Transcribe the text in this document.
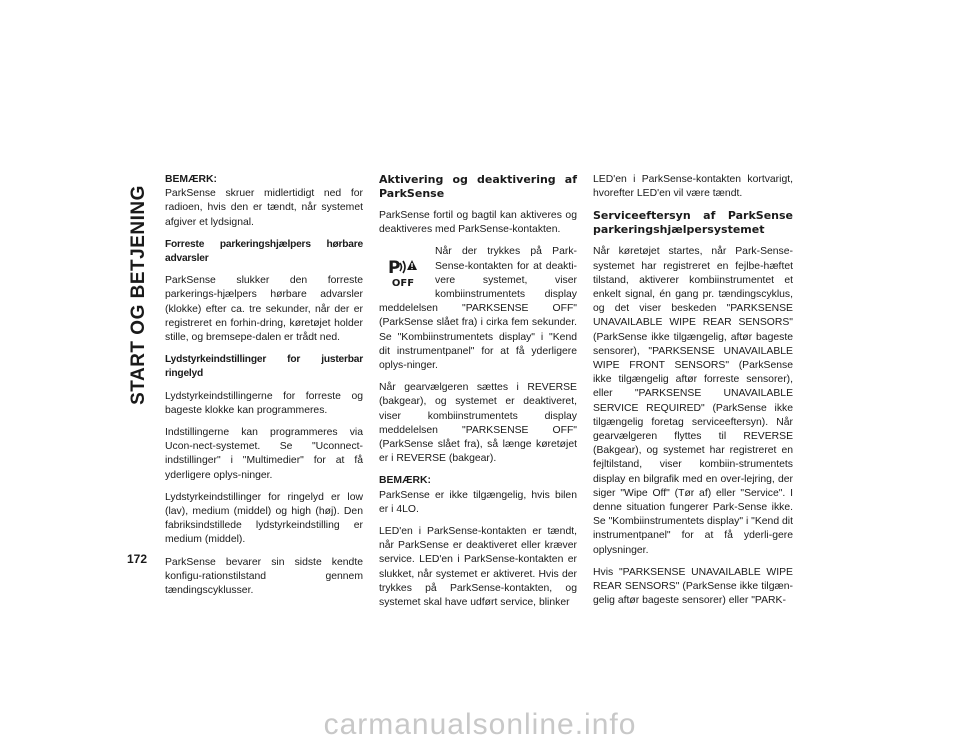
START OG BETJENING
172

BEMÆRK:
ParkSense skruer midlertidigt ned for radioen, hvis den er tændt, når systemet afgiver et lydsignal.

Forreste parkeringshjælpers hørbare advarsler

ParkSense slukker den forreste parkerings-hjælpers hørbare advarsler (klokke) efter ca. tre sekunder, når der er registreret en forhin-dring, køretøjet holder stille, og bremsepe-dalen er trådt ned.

Lydstyrkeindstillinger for justerbar ringelyd

Lydstyrkeindstillingerne for forreste og bageste klokke kan programmeres.

Indstillingerne kan programmeres via Ucon-nect-systemet. Se "Uconnect-indstillinger" i "Multimedier" for at få yderligere oplys-ninger.

Lydstyrkeindstillinger for ringelyd er low (lav), medium (middel) og high (høj). Den fabriksindstillede lydstyrkeindstilling er medium (middel).

ParkSense bevarer sin sidste kendte konfigu-rationstilstand gennem tændingscyklusser.

Aktivering og deaktivering af ParkSense

ParkSense fortil og bagtil kan aktiveres og deaktiveres med ParkSense-kontakten.

P
OFF

Når der trykkes på Park-Sense-kontakten for at deakti-vere systemet, viser kombiinstrumentets display meddelelsen "PARKSENSE OFF" (ParkSense slået fra) i cirka fem sekunder. Se "Kombiinstrumentets display" i "Kend dit instrumentpanel" for at få yderligere oplys-ninger.

Når gearvælgeren sættes i REVERSE (bakgear), og systemet er deaktiveret, viser kombiinstrumentets display meddelelsen "PARKSENSE OFF" (ParkSense slået fra), så længe køretøjet er i REVERSE (bakgear).

BEMÆRK:
ParkSense er ikke tilgængelig, hvis bilen er i 4LO.

LED'en i ParkSense-kontakten er tændt, når ParkSense er deaktiveret eller kræver service. LED'en i ParkSense-kontakten er slukket, når systemet er aktiveret. Hvis der trykkes på ParkSense-kontakten, og systemet skal have udført service, blinker

LED'en i ParkSense-kontakten kortvarigt, hvorefter LED'en vil være tændt.

Serviceeftersyn af ParkSense parkeringshjælpersystemet

Når køretøjet startes, når Park-Sense-systemet har registreret en fejlbe-hæftet tilstand, aktiverer kombiinstrumentet et enkelt signal, én gang pr. tændingscyklus, og det viser beskeden "PARKSENSE UNAVAILABLE WIPE REAR SENSORS" (ParkSense ikke tilgængelig, aftør bageste sensorer), "PARKSENSE UNAVAILABLE WIPE FRONT SENSORS" (ParkSense ikke tilgængelig aftør forreste sensorer), eller "PARKSENSE UNAVAILABLE SERVICE REQUIRED" (ParkSense ikke tilgængelig foretag serviceeftersyn). Når gearvælgeren flyttes til REVERSE (Bakgear), og systemet har registreret en fejltilstand, viser kombiin-strumentets display en bilgrafik med en over-lejring, der siger "Wipe Off" (Tør af) eller "Service". I denne situation fungerer Park-Sense ikke. Se "Kombiinstrumentets display" i "Kend dit instrumentpanel" for at få yderli-gere oplysninger.

Hvis "PARKSENSE UNAVAILABLE WIPE REAR SENSORS" (ParkSense ikke tilgæn-gelig aftør bageste sensorer) eller "PARK-

carmanualsonline.info
